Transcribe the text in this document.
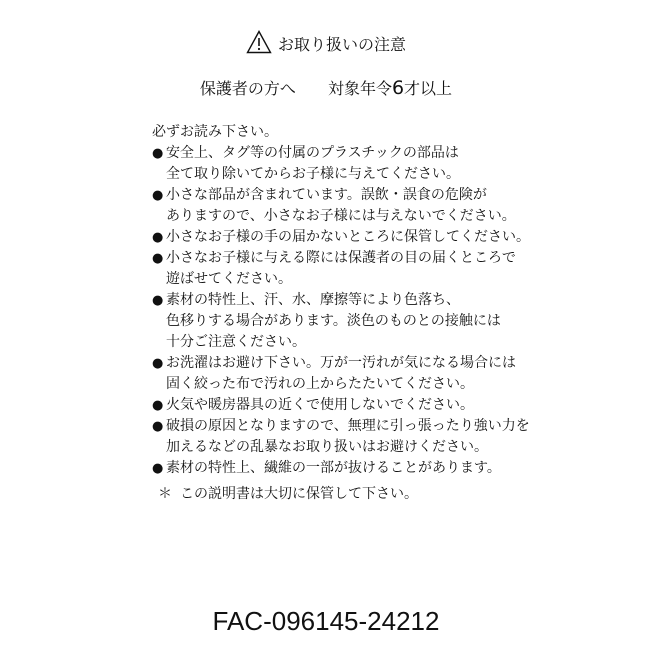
お取り扱いの注意
保護者の方へ 対象年令6才以上

必ずお読み下さい。

● 安全上、タグ等の付属のプラスチックの部品は
全て取り除いてからお子様に与えてください。
● 小さな部品が含まれています。誤飲・誤食の危険が
ありますので、小さなお子様には与えないでください。
● 小さなお子様の手の届かないところに保管してください。
● 小さなお子様に与える際には保護者の目の届くところで
遊ばせてください。
● 素材の特性上、汗、水、摩擦等により色落ち、
色移りする場合があります。淡色のものとの接触には
十分ご注意ください。
● お洗濯はお避け下さい。万が一汚れが気になる場合には
固く絞った布で汚れの上からたたいてください。
● 火気や暖房器具の近くで使用しないでください。
● 破損の原因となりますので、無理に引っ張ったり強い力を
加えるなどの乱暴なお取り扱いはお避けください。
● 素材の特性上、繊維の一部が抜けることがあります。
＊ この説明書は大切に保管して下さい。
FAC-096145-24212
